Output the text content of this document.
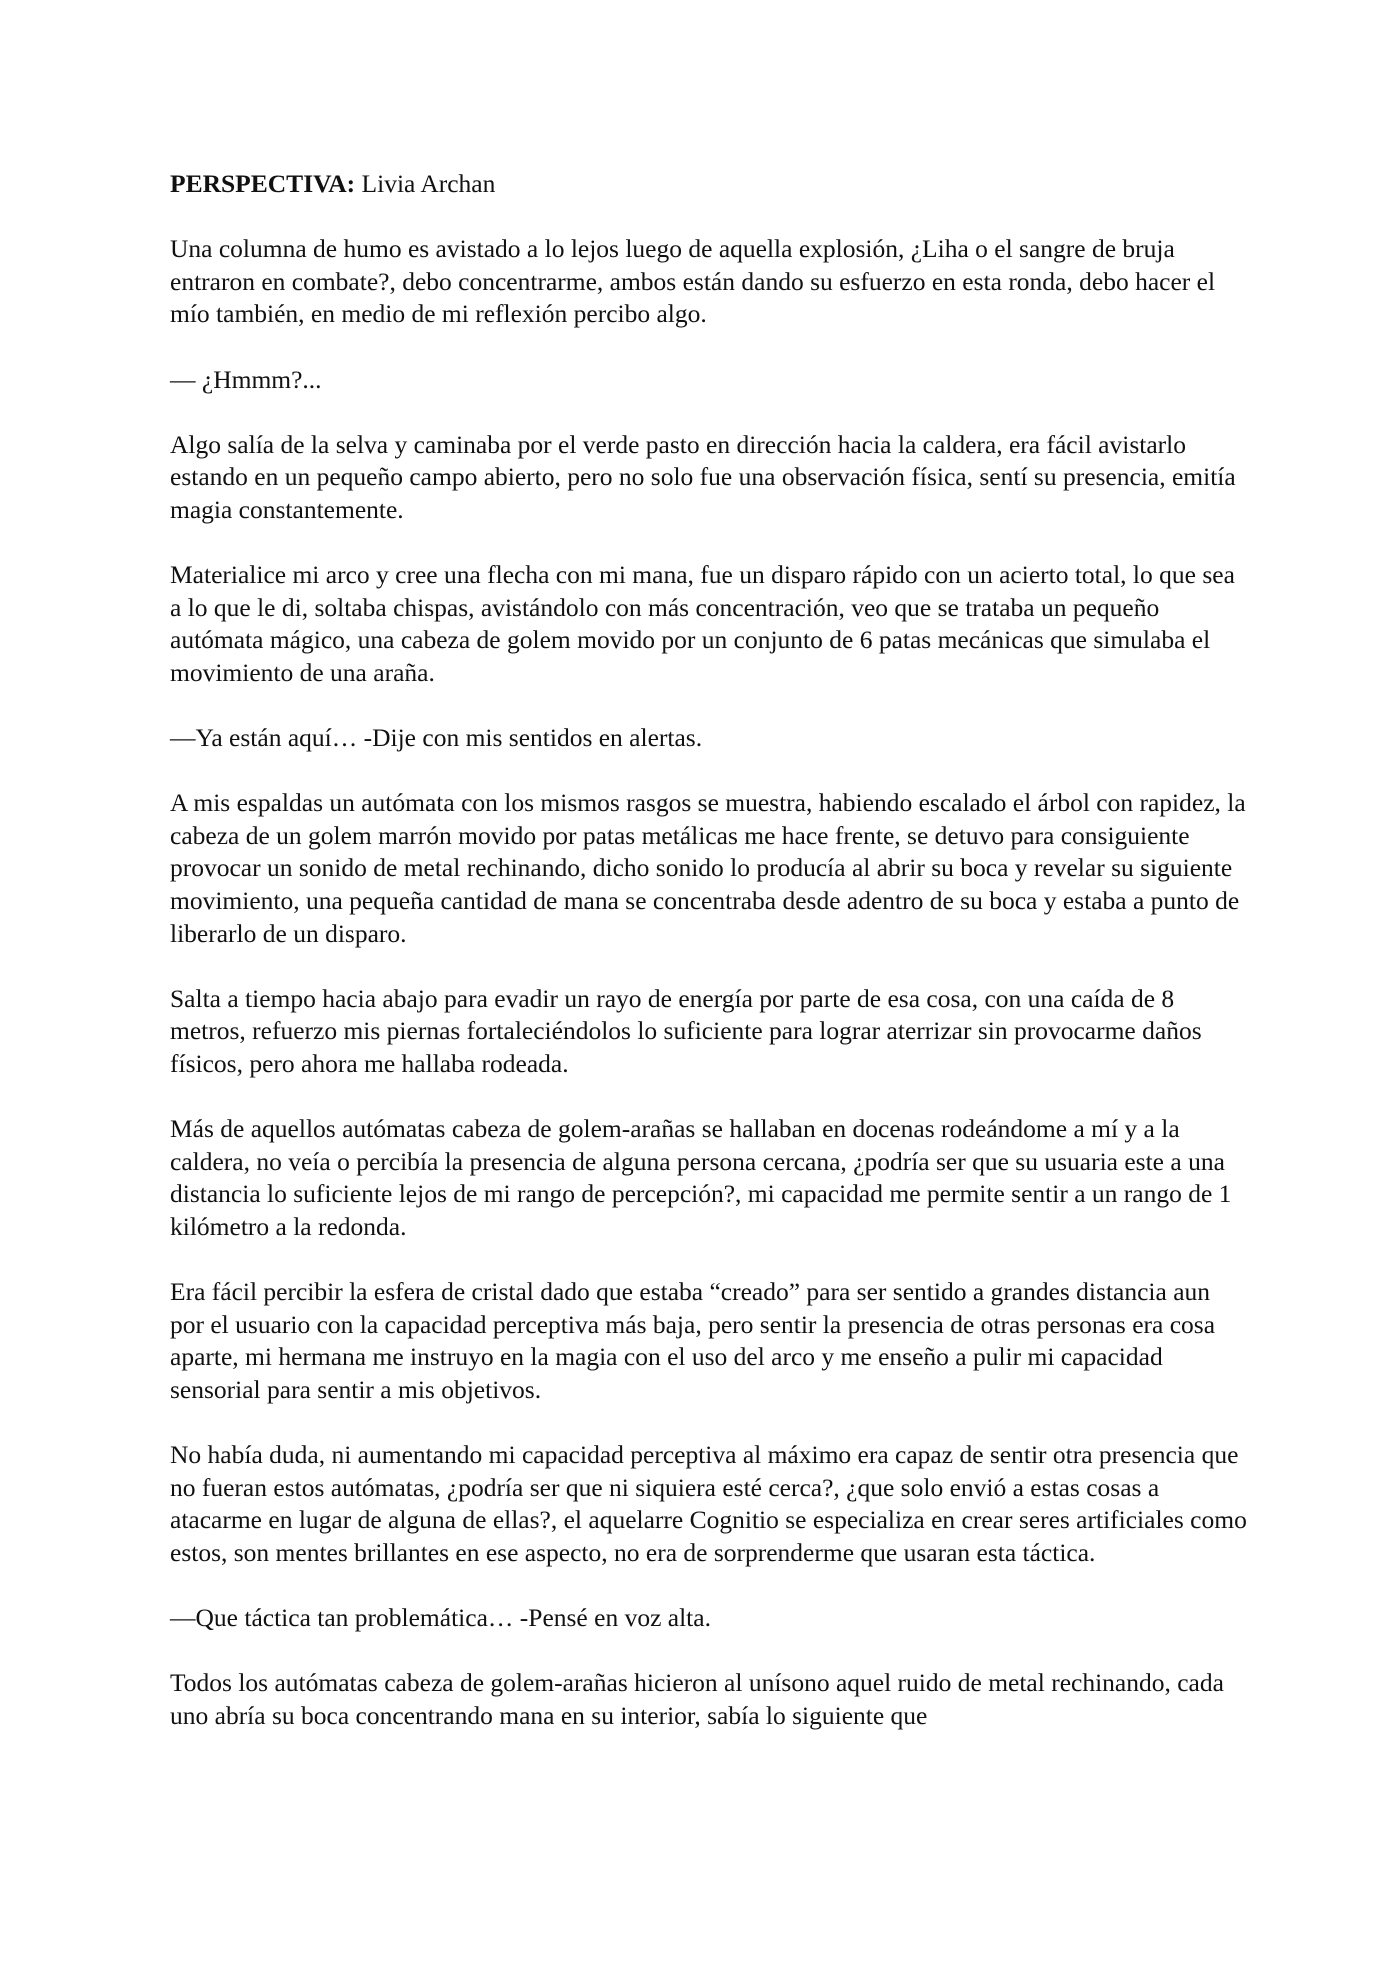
PERSPECTIVA: Livia Archan

Una columna de humo es avistado a lo lejos luego de aquella explosión, ¿Liha o el sangre de bruja entraron en combate?, debo concentrarme, ambos están dando su esfuerzo en esta ronda, debo hacer el mío también, en medio de mi reflexión percibo algo.

— ¿Hmmm?...

Algo salía de la selva y caminaba por el verde pasto en dirección hacia la caldera, era fácil avistarlo estando en un pequeño campo abierto, pero no solo fue una observación física, sentí su presencia, emitía magia constantemente.

Materialice mi arco y cree una flecha con mi mana, fue un disparo rápido con un acierto total, lo que sea a lo que le di, soltaba chispas, avistándolo con más concentración, veo que se trataba un pequeño autómata mágico, una cabeza de golem movido por un conjunto de 6 patas mecánicas que simulaba el movimiento de una araña.

—Ya están aquí… -Dije con mis sentidos en alertas.

A mis espaldas un autómata con los mismos rasgos se muestra, habiendo escalado el árbol con rapidez, la cabeza de un golem marrón movido por patas metálicas me hace frente, se detuvo para consiguiente provocar un sonido de metal rechinando, dicho sonido lo producía al abrir su boca y revelar su siguiente movimiento, una pequeña cantidad de mana se concentraba desde adentro de su boca y estaba a punto de liberarlo de un disparo.

Salta a tiempo hacia abajo para evadir un rayo de energía por parte de esa cosa, con una caída de 8 metros, refuerzo mis piernas fortaleciéndolos lo suficiente para lograr aterrizar sin provocarme daños físicos, pero ahora me hallaba rodeada.

Más de aquellos autómatas cabeza de golem-arañas se hallaban en docenas rodeándome a mí y a la caldera, no veía o percibía la presencia de alguna persona cercana, ¿podría ser que su usuaria este a una distancia lo suficiente lejos de mi rango de percepción?, mi capacidad me permite sentir a un rango de 1 kilómetro a la redonda.

Era fácil percibir la esfera de cristal dado que estaba “creado” para ser sentido a grandes distancia aun por el usuario con la capacidad perceptiva más baja, pero sentir la presencia de otras personas era cosa aparte, mi hermana me instruyo en la magia con el uso del arco y me enseño a pulir mi capacidad sensorial para sentir a mis objetivos.

No había duda, ni aumentando mi capacidad perceptiva al máximo era capaz de sentir otra presencia que no fueran estos autómatas, ¿podría ser que ni siquiera esté cerca?, ¿que solo envió a estas cosas a atacarme en lugar de alguna de ellas?, el aquelarre Cognitio se especializa en crear seres artificiales como estos, son mentes brillantes en ese aspecto, no era de sorprenderme que usaran esta táctica.

—Que táctica tan problemática… -Pensé en voz alta.

Todos los autómatas cabeza de golem-arañas hicieron al unísono aquel ruido de metal rechinando, cada uno abría su boca concentrando mana en su interior, sabía lo siguiente que
